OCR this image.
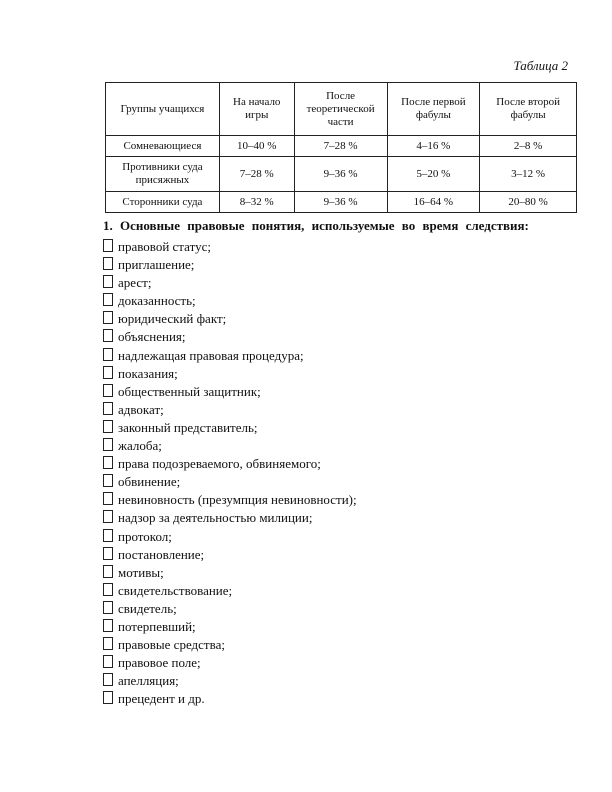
Таблица 2
Группы учащихся	На начало игры	После теоретической части	После первой фабулы	После второй фабулы
Сомневающиеся	10–40 %	7–28 %	4–16 %	2–8 %
Противники суда присяжных	7–28 %	9–36 %	5–20 %	3–12 %
Сторонники суда	8–32 %	9–36 %	16–64 %	20–80 %
1. Основные правовые понятия, используемые во время следствия:
правовой статус;
приглашение;
арест;
доказанность;
юридический факт;
объяснения;
надлежащая правовая процедура;
показания;
общественный защитник;
адвокат;
законный представитель;
жалоба;
права подозреваемого, обвиняемого;
обвинение;
невиновность (презумпция невиновности);
надзор за деятельностью милиции;
протокол;
постановление;
мотивы;
свидетельствование;
свидетель;
потерпевший;
правовые средства;
правовое поле;
апелляция;
прецедент и др.
